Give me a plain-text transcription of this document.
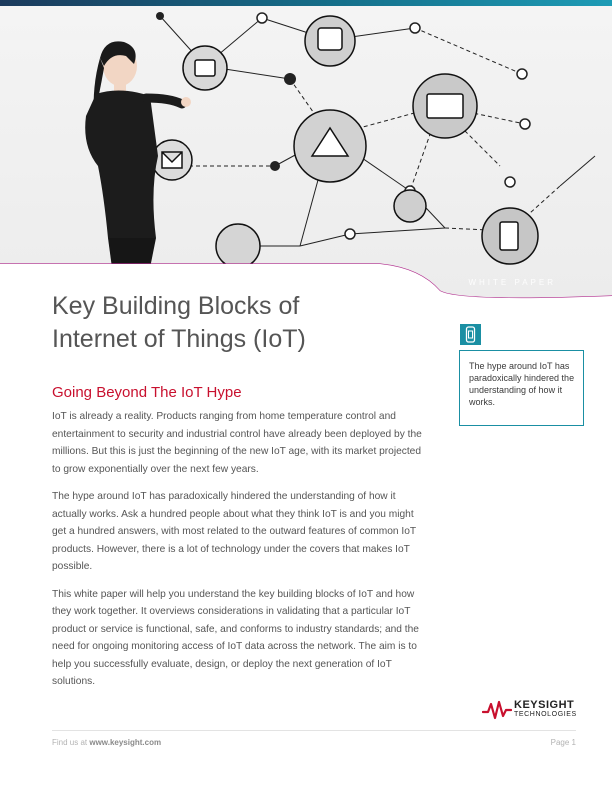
WHITE PAPER
Key Building Blocks of
Internet of Things (IoT)
Going Beyond The IoT Hype

IoT is already a reality. Products ranging from home temperature control and entertainment to security and industrial control have already been deployed by the millions. But this is just the beginning of the new IoT age, with its market projected to grow exponentially over the next few years.

The hype around IoT has paradoxically hindered the understanding of how it actually works. Ask a hundred people about what they think IoT is and you might get a hundred answers, with most related to the outward features of common IoT products. However, there is a lot of technology under the covers that makes IoT possible.

This white paper will help you understand the key building blocks of IoT and how they work together. It overviews considerations in validating that a particular IoT product or service is functional, safe, and conforms to industry standards; and the need for ongoing monitoring access of IoT data across the network. The aim is to help you successfully evaluate, design, or deploy the next generation of IoT solutions.

The hype around IoT has paradoxically hindered the understanding of how it works.
KEYSIGHT
TECHNOLOGIES
Find us at www.keysight.com	Page 1
